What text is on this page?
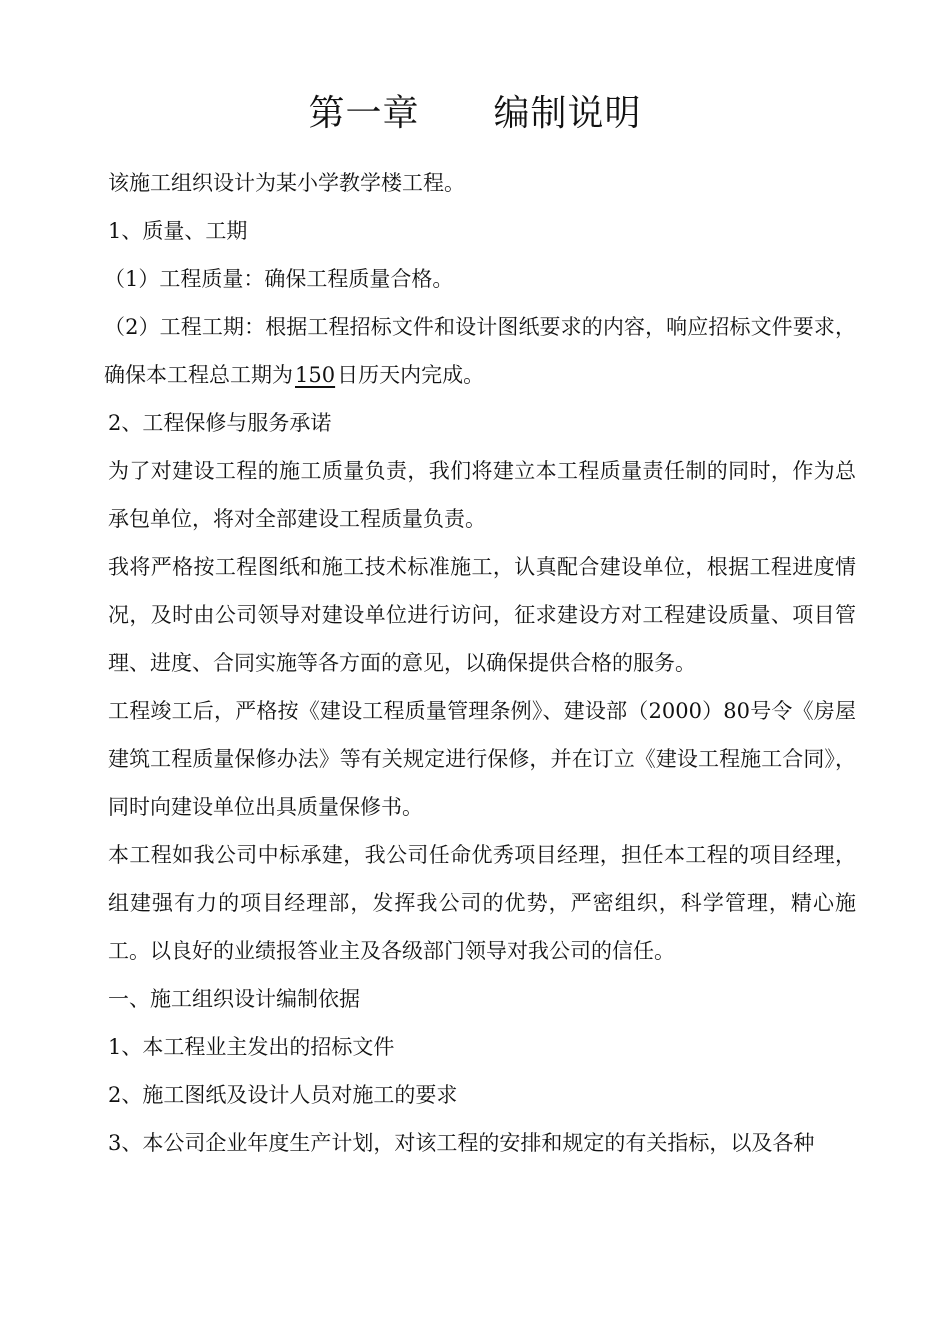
第一章　　编制说明

该施工组织设计为某小学教学楼工程。

1、质量、工期

（1）工程质量：确保工程质量合格。

（2）工程工期：根据工程招标文件和设计图纸要求的内容，响应招标文件要求，确保本工程总工期为150日历天内完成。

2、工程保修与服务承诺

为了对建设工程的施工质量负责，我们将建立本工程质量责任制的同时，作为总承包单位，将对全部建设工程质量负责。

我将严格按工程图纸和施工技术标准施工，认真配合建设单位，根据工程进度情况，及时由公司领导对建设单位进行访问，征求建设方对工程建设质量、项目管理、进度、合同实施等各方面的意见，以确保提供合格的服务。

工程竣工后，严格按《建设工程质量管理条例》、建设部（2000）80号令《房屋建筑工程质量保修办法》等有关规定进行保修，并在订立《建设工程施工合同》，同时向建设单位出具质量保修书。

本工程如我公司中标承建，我公司任命优秀项目经理，担任本工程的项目经理，组建强有力的项目经理部，发挥我公司的优势，严密组织，科学管理，精心施工。以良好的业绩报答业主及各级部门领导对我公司的信任。

一、施工组织设计编制依据

1、本工程业主发出的招标文件

2、施工图纸及设计人员对施工的要求

3、本公司企业年度生产计划，对该工程的安排和规定的有关指标，以及各种
